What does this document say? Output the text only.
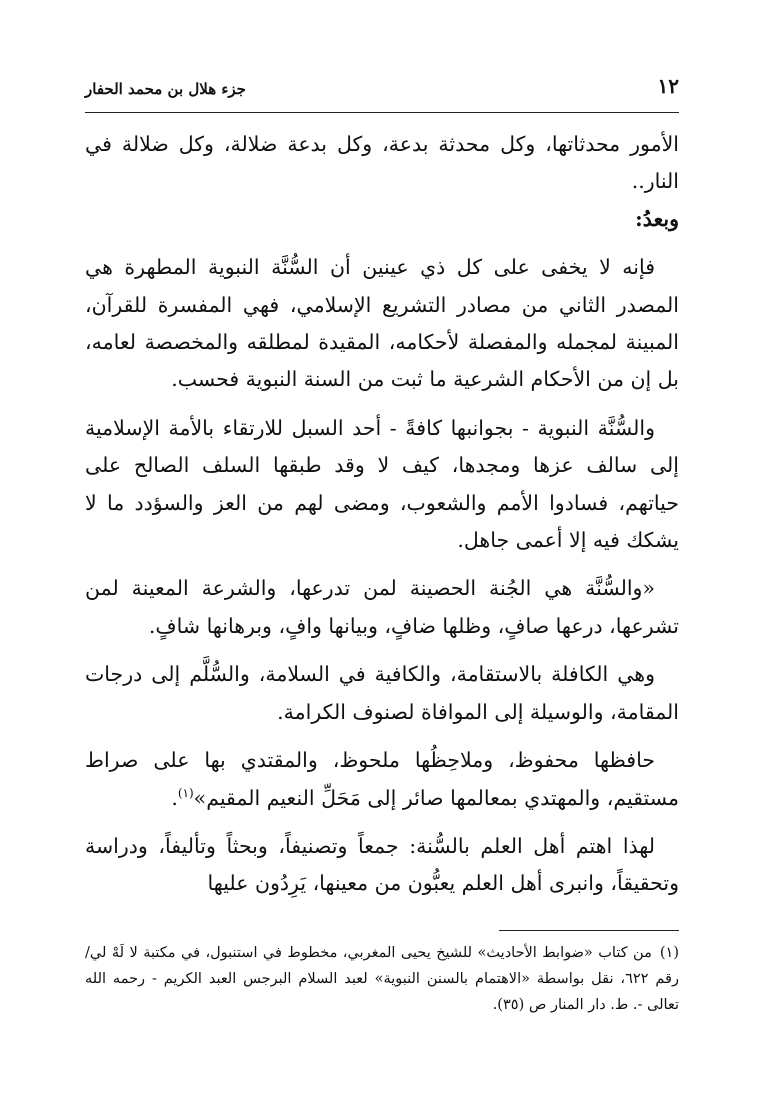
١٢
جزء هلال بن محمد الحفار

الأمور محدثاتها، وكل محدثة بدعة، وكل بدعة ضلالة، وكل ضلالة في النار..

وبعدُ:

فإنه لا يخفى على كل ذي عينين أن السُّنَّة النبوية المطهرة هي المصدر الثاني من مصادر التشريع الإسلامي، فهي المفسرة للقرآن، المبينة لمجمله والمفصلة لأحكامه، المقيدة لمطلقه والمخصصة لعامه، بل إن من الأحكام الشرعية ما ثبت من السنة النبوية فحسب.

والسُّنَّة النبوية - بجوانبها كافةً - أحد السبل للارتقاء بالأمة الإسلامية إلى سالف عزها ومجدها، كيف لا وقد طبقها السلف الصالح على حياتهم، فسادوا الأمم والشعوب، ومضى لهم من العز والسؤدد ما لا يشكك فيه إلا أعمى جاهل.

«والسُّنَّة هي الجُنة الحصينة لمن تدرعها، والشرعة المعينة لمن تشرعها، درعها صافٍ، وظلها ضافٍ، وبيانها وافٍ، وبرهانها شافٍ.

وهي الكافلة بالاستقامة، والكافية في السلامة، والسُّلَّم إلى درجات المقامة، والوسيلة إلى الموافاة لصنوف الكرامة.

حافظها محفوظ، وملاحِظُها ملحوظ، والمقتدي بها على صراط مستقيم، والمهتدي بمعالمها صائر إلى مَحَلِّ النعيم المقيم»$^{(١)}$.

لهذا اهتم أهل العلم بالسُّنة: جمعاً وتصنيفاً، وبحثاً وتأليفاً، ودراسة وتحقيقاً، وانبرى أهل العلم يعبُّون من معينها، يَرِدُون عليها

(١)من كتاب «ضوابط الأحاديث» للشيخ يحيى المغربي، مخطوط في استنبول، في مكتبة لا لَهْ لي/رقم ٦٢٢، نقل بواسطة «الاهتمام بالسنن النبوية» لعبد السلام البرجس العبد الكريم - رحمه الله تعالى -. ط. دار المنار ص (٣٥).
